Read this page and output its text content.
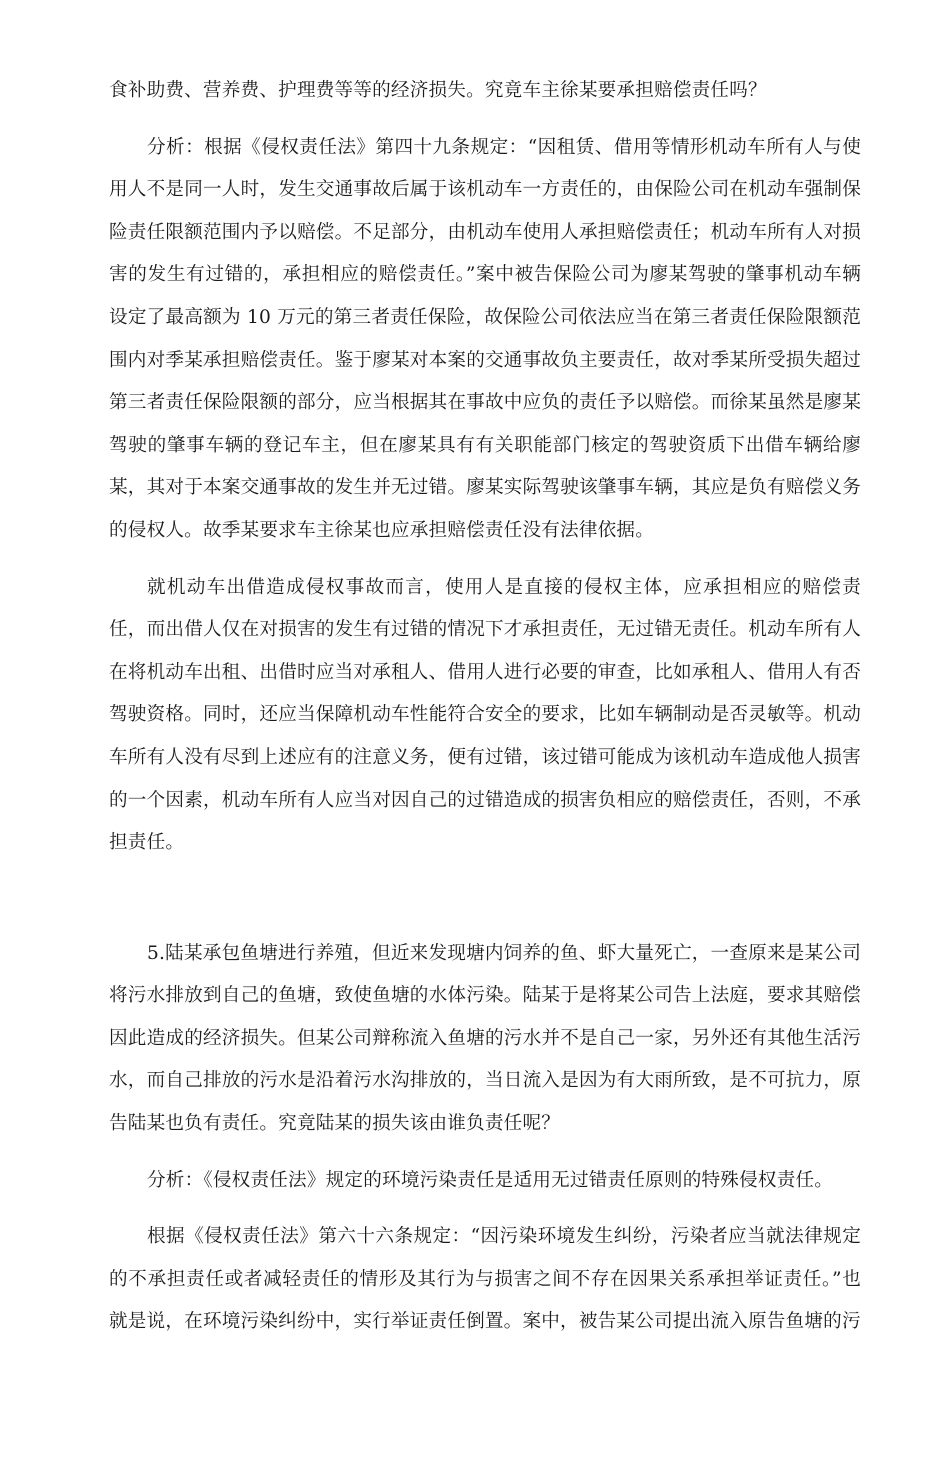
食补助费、营养费、护理费等等的经济损失。究竟车主徐某要承担赔偿责任吗？

分析：根据《侵权责任法》第四十九条规定：“因租赁、借用等情形机动车所有人与使用人不是同一人时，发生交通事故后属于该机动车一方责任的，由保险公司在机动车强制保险责任限额范围内予以赔偿。不足部分，由机动车使用人承担赔偿责任；机动车所有人对损害的发生有过错的，承担相应的赔偿责任。”案中被告保险公司为廖某驾驶的肇事机动车辆设定了最高额为 10 万元的第三者责任保险，故保险公司依法应当在第三者责任保险限额范围内对季某承担赔偿责任。鉴于廖某对本案的交通事故负主要责任，故对季某所受损失超过第三者责任保险限额的部分，应当根据其在事故中应负的责任予以赔偿。而徐某虽然是廖某驾驶的肇事车辆的登记车主，但在廖某具有有关职能部门核定的驾驶资质下出借车辆给廖某，其对于本案交通事故的发生并无过错。廖某实际驾驶该肇事车辆，其应是负有赔偿义务的侵权人。故季某要求车主徐某也应承担赔偿责任没有法律依据。

就机动车出借造成侵权事故而言，使用人是直接的侵权主体，应承担相应的赔偿责任，而出借人仅在对损害的发生有过错的情况下才承担责任，无过错无责任。机动车所有人在将机动车出租、出借时应当对承租人、借用人进行必要的审查，比如承租人、借用人有否驾驶资格。同时，还应当保障机动车性能符合安全的要求，比如车辆制动是否灵敏等。机动车所有人没有尽到上述应有的注意义务，便有过错，该过错可能成为该机动车造成他人损害的一个因素，机动车所有人应当对因自己的过错造成的损害负相应的赔偿责任，否则，不承担责任。

5.陆某承包鱼塘进行养殖，但近来发现塘内饲养的鱼、虾大量死亡，一查原来是某公司将污水排放到自己的鱼塘，致使鱼塘的水体污染。陆某于是将某公司告上法庭，要求其赔偿因此造成的经济损失。但某公司辩称流入鱼塘的污水并不是自己一家，另外还有其他生活污水，而自己排放的污水是沿着污水沟排放的，当日流入是因为有大雨所致，是不可抗力，原告陆某也负有责任。究竟陆某的损失该由谁负责任呢？

分析：《侵权责任法》规定的环境污染责任是适用无过错责任原则的特殊侵权责任。

根据《侵权责任法》第六十六条规定：“因污染环境发生纠纷，污染者应当就法律规定的不承担责任或者减轻责任的情形及其行为与损害之间不存在因果关系承担举证责任。”也就是说，在环境污染纠纷中，实行举证责任倒置。案中，被告某公司提出流入原告鱼塘的污
